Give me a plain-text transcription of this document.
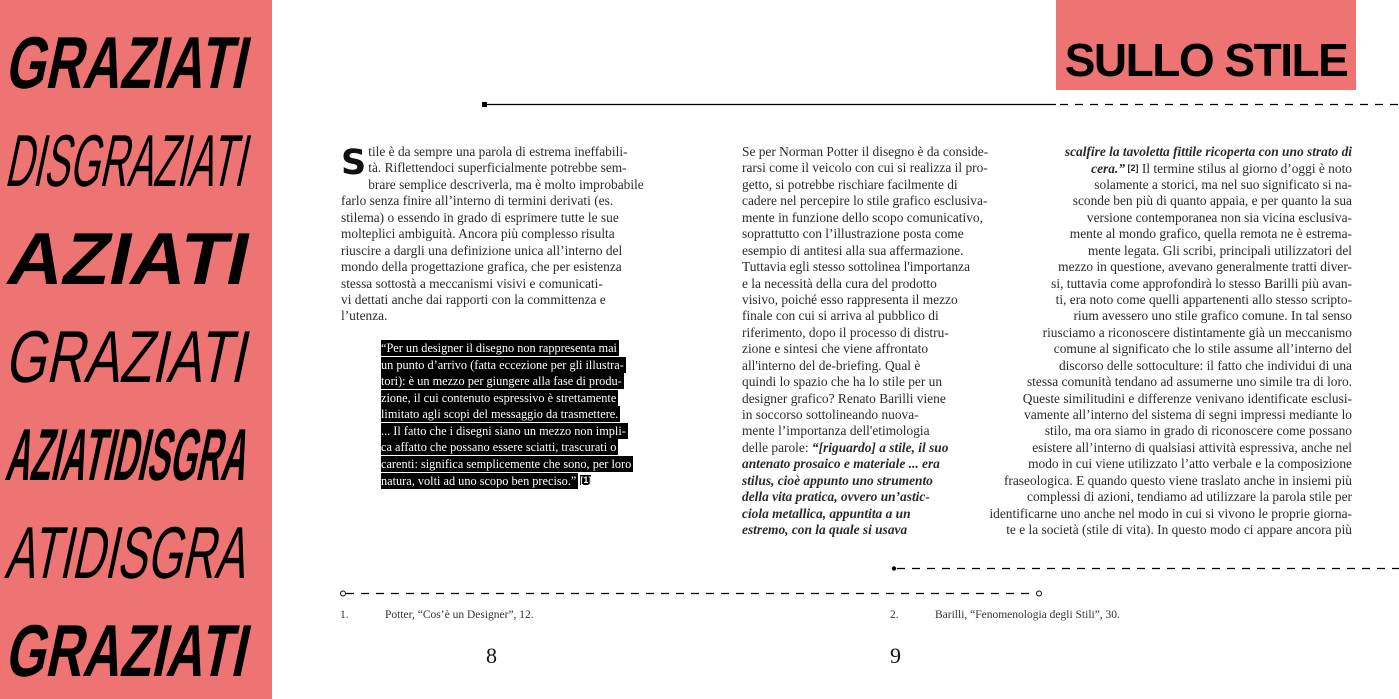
GRAZIATI
DISGRAZIATI
AZIATI
GRAZIATI
AZIATIDISGRA
ATIDISGRA
GRAZIATI
SULLO STILE
S tile è da sempre una parola di estrema ineffabili-
tà. Riflettendoci superficialmente potrebbe sem-
brare semplice descriverla, ma è molto improbabile
farlo senza finire all’interno di termini derivati (es.
stilema) o essendo in grado di esprimere tutte le sue
molteplici ambiguità. Ancora più complesso risulta
riuscire a dargli una definizione unica all’interno del
mondo della progettazione grafica, che per esistenza
stessa sottostà a meccanismi visivi e comunicati-
vi dettati anche dai rapporti con la committenza e
l’utenza.
“Per un designer il disegno non rappresenta mai
un punto d’arrivo (fatta eccezione per gli illustra-
tori): è un mezzo per giungere alla fase di produ-
zione, il cui contenuto espressivo è strettamente
limitato agli scopi del messaggio da trasmettere.
... Il fatto che i disegni siano un mezzo non impli-
ca affatto che possano essere sciatti, trascurati o
carenti: significa semplicemente che sono, per loro
natura, volti ad uno scopo ben preciso.” [1]
Se per Norman Potter il disegno è da conside-
rarsi come il veicolo con cui si realizza il pro-
getto, si potrebbe rischiare facilmente di
cadere nel percepire lo stile grafico esclusiva-
mente in funzione dello scopo comunicativo,
soprattutto con l’illustrazione posta come
esempio di antitesi alla sua affermazione.
Tuttavia egli stesso sottolinea l'importanza
e la necessità della cura del prodotto
visivo, poiché esso rappresenta il mezzo
finale con cui si arriva al pubblico di
riferimento, dopo il processo di distru-
zione e sintesi che viene affrontato
all'interno del de-briefing. Qual è
quindi lo spazio che ha lo stile per un
designer grafico? Renato Barilli viene
in soccorso sottolineando nuova-
mente l’importanza dell'etimologia
delle parole: “[riguardo] a stile, il suo
antenato prosaico e materiale ... era
stilus, cioè appunto uno strumento
della vita pratica, ovvero un’astic-
ciola metallica, appuntita a un
estremo, con la quale si usava
scalfire la tavoletta fittile ricoperta con uno strato di
cera.” [2] Il termine stilus al giorno d’oggi è noto
solamente a storici, ma nel suo significato si na-
sconde ben più di quanto appaia, e per quanto la sua
versione contemporanea non sia vicina esclusiva-
mente al mondo grafico, quella remota ne è estrema-
mente legata. Gli scribi, principali utilizzatori del
mezzo in questione, avevano generalmente tratti diver-
si, tuttavia come approfondirà lo stesso Barilli più avan-
ti, era noto come quelli appartenenti allo stesso scripto-
rium avessero uno stile grafico comune. In tal senso
riusciamo a riconoscere distintamente già un meccanismo
comune al significato che lo stile assume all’interno del
discorso delle sottoculture: il fatto che individui di una
stessa comunità tendano ad assumerne uno simile tra di loro.
Queste similitudini e differenze venivano identificate esclusi-
vamente all’interno del sistema di segni impressi mediante lo
stilo, ma ora siamo in grado di riconoscere come possano
esistere all’interno di qualsiasi attività espressiva, anche nel
modo in cui viene utilizzato l’atto verbale e la composizione
fraseologica. E quando questo viene traslato anche in insiemi più
complessi di azioni, tendiamo ad utilizzare la parola stile per
identificarne uno anche nel modo in cui si vivono le proprie giorna-
te e la società (stile di vita). In questo modo ci appare ancora più
1.	Potter, “Cos’è un Designer”, 12.	2.	Barilli, “Fenomenologia degli Stili”, 30.
8	9
